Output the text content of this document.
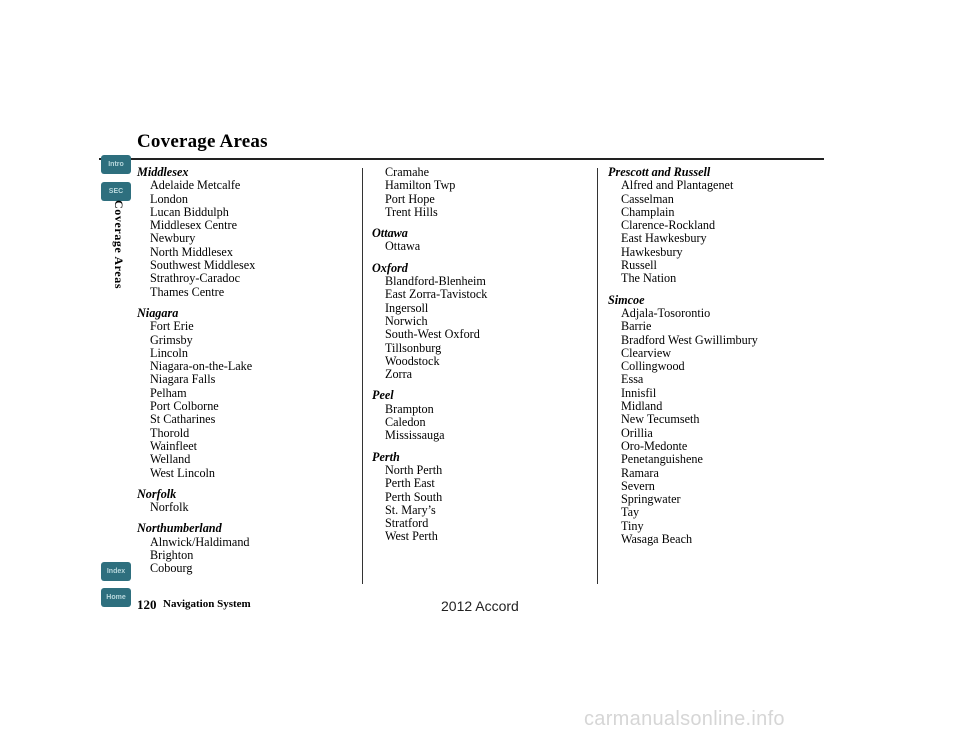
Coverage Areas
Intro
SEC
Index
Home
Coverage Areas
Middlesex
Adelaide Metcalfe
London
Lucan Biddulph
Middlesex Centre
Newbury
North Middlesex
Southwest Middlesex
Strathroy-Caradoc
Thames Centre
Niagara
Fort Erie
Grimsby
Lincoln
Niagara-on-the-Lake
Niagara Falls
Pelham
Port Colborne
St Catharines
Thorold
Wainfleet
Welland
West Lincoln
Norfolk
Norfolk
Northumberland
Alnwick/Haldimand
Brighton
Cobourg
Cramahe
Hamilton Twp
Port Hope
Trent Hills
Ottawa
Ottawa
Oxford
Blandford-Blenheim
East Zorra-Tavistock
Ingersoll
Norwich
South-West Oxford
Tillsonburg
Woodstock
Zorra
Peel
Brampton
Caledon
Mississauga
Perth
North Perth
Perth East
Perth South
St. Mary’s
Stratford
West Perth
Prescott and Russell
Alfred and Plantagenet
Casselman
Champlain
Clarence-Rockland
East Hawkesbury
Hawkesbury
Russell
The Nation
Simcoe
Adjala-Tosorontio
Barrie
Bradford West Gwillimbury
Clearview
Collingwood
Essa
Innisfil
Midland
New Tecumseth
Orillia
Oro-Medonte
Penetanguishene
Ramara
Severn
Springwater
Tay
Tiny
Wasaga Beach
120 Navigation System	2012 Accord
carmanualsonline.info
